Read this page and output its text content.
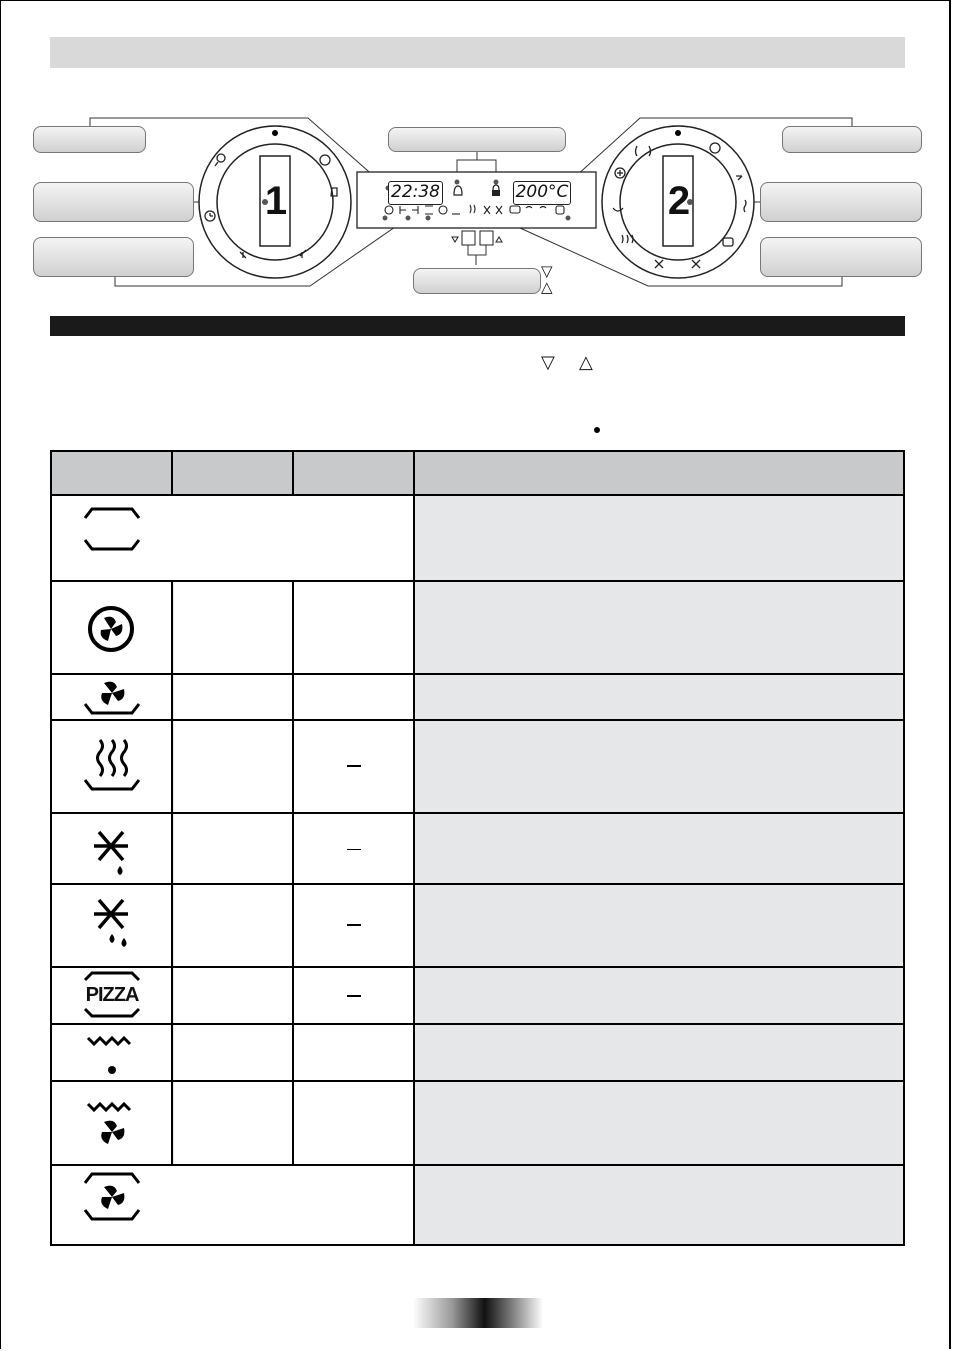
22:38	200°C
1	2
▽
△
▽ △
PIZZA
